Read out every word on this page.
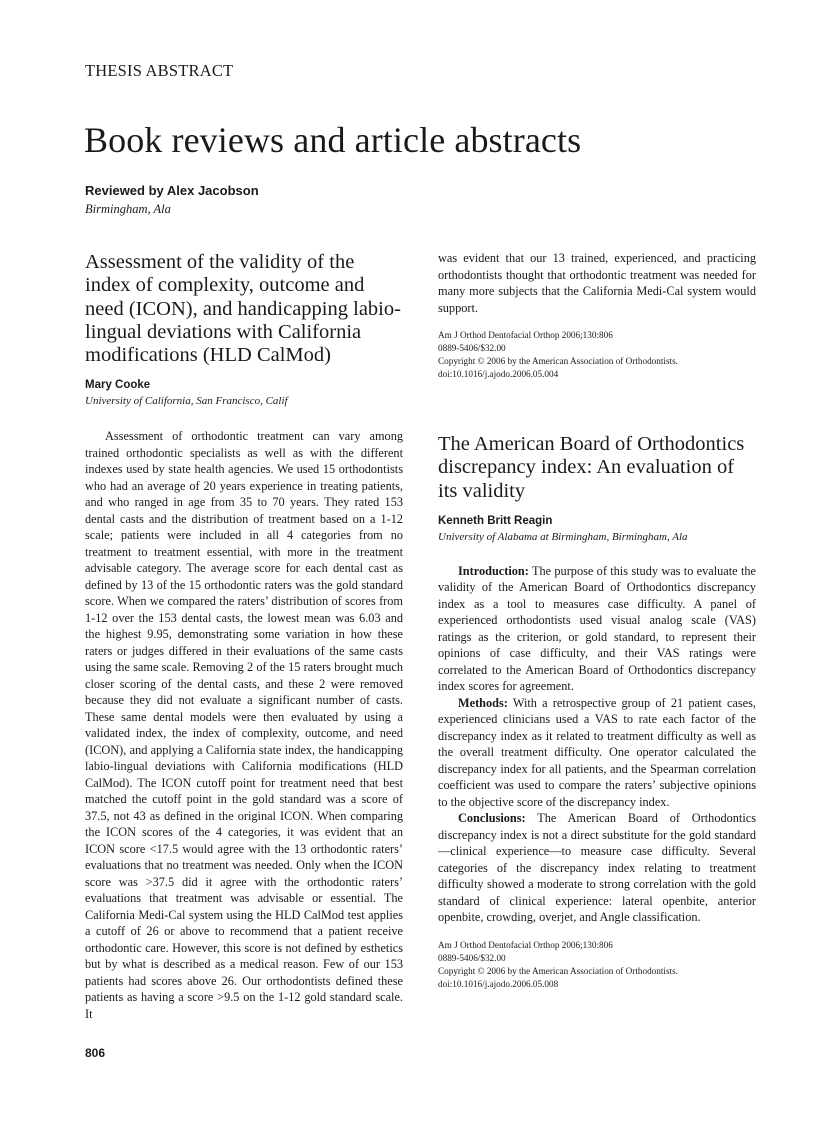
THESIS ABSTRACT
Book reviews and article abstracts
Reviewed by Alex Jacobson
Birmingham, Ala
Assessment of the validity of the index of complexity, outcome and need (ICON), and handicapping labio-lingual deviations with California modifications (HLD CalMod)
Mary Cooke
University of California, San Francisco, Calif

Assessment of orthodontic treatment can vary among trained orthodontic specialists as well as with the different indexes used by state health agencies. We used 15 orthodontists who had an average of 20 years experience in treating patients, and who ranged in age from 35 to 70 years. They rated 153 dental casts and the distribution of treatment based on a 1-12 scale; patients were included in all 4 categories from no treatment to treatment essential, with more in the treatment advisable category. The average score for each dental cast as defined by 13 of the 15 orthodontic raters was the gold standard score. When we compared the raters’ distribution of scores from 1-12 over the 153 dental casts, the lowest mean was 6.03 and the highest 9.95, demonstrating some variation in how these raters or judges differed in their evaluations of the same casts using the same scale. Removing 2 of the 15 raters brought much closer scoring of the dental casts, and these 2 were removed because they did not evaluate a significant number of casts. These same dental models were then evaluated by using a validated index, the index of complexity, outcome, and need (ICON), and applying a California state index, the handicapping labio-lingual deviations with California modifications (HLD CalMod). The ICON cutoff point for treatment need that best matched the cutoff point in the gold standard was a score of 37.5, not 43 as defined in the original ICON. When comparing the ICON scores of the 4 categories, it was evident that an ICON score <17.5 would agree with the 13 orthodontic raters’ evaluations that no treatment was needed. Only when the ICON score was >37.5 did it agree with the orthodontic raters’ evaluations that treatment was advisable or essential. The California Medi-Cal system using the HLD CalMod test applies a cutoff of 26 or above to recommend that a patient receive orthodontic care. However, this score is not defined by esthetics but by what is described as a medical reason. Few of our 153 patients had scores above 26. Our orthodontists defined these patients as having a score >9.5 on the 1-12 gold standard scale. It

was evident that our 13 trained, experienced, and practicing orthodontists thought that orthodontic treatment was needed for many more subjects that the California Medi-Cal system would support.

Am J Orthod Dentofacial Orthop 2006;130:806
0889-5406/$32.00
Copyright © 2006 by the American Association of Orthodontists.
doi:10.1016/j.ajodo.2006.05.004
The American Board of Orthodontics discrepancy index: An evaluation of its validity
Kenneth Britt Reagin
University of Alabama at Birmingham, Birmingham, Ala

Introduction: The purpose of this study was to evaluate the validity of the American Board of Orthodontics discrepancy index as a tool to measures case difficulty. A panel of experienced orthodontists used visual analog scale (VAS) ratings as the criterion, or gold standard, to represent their opinions of case difficulty, and their VAS ratings were correlated to the American Board of Orthodontics discrepancy index scores for agreement.

Methods: With a retrospective group of 21 patient cases, experienced clinicians used a VAS to rate each factor of the discrepancy index as it related to treatment difficulty as well as the overall treatment difficulty. One operator calculated the discrepancy index for all patients, and the Spearman correlation coefficient was used to compare the raters’ subjective opinions to the objective score of the discrepancy index.

Conclusions: The American Board of Orthodontics discrepancy index is not a direct substitute for the gold standard—clinical experience—to measure case difficulty. Several categories of the discrepancy index relating to treatment difficulty showed a moderate to strong correlation with the gold standard of clinical experience: lateral openbite, anterior openbite, crowding, overjet, and Angle classification.

Am J Orthod Dentofacial Orthop 2006;130:806
0889-5406/$32.00
Copyright © 2006 by the American Association of Orthodontists.
doi:10.1016/j.ajodo.2006.05.008
806
